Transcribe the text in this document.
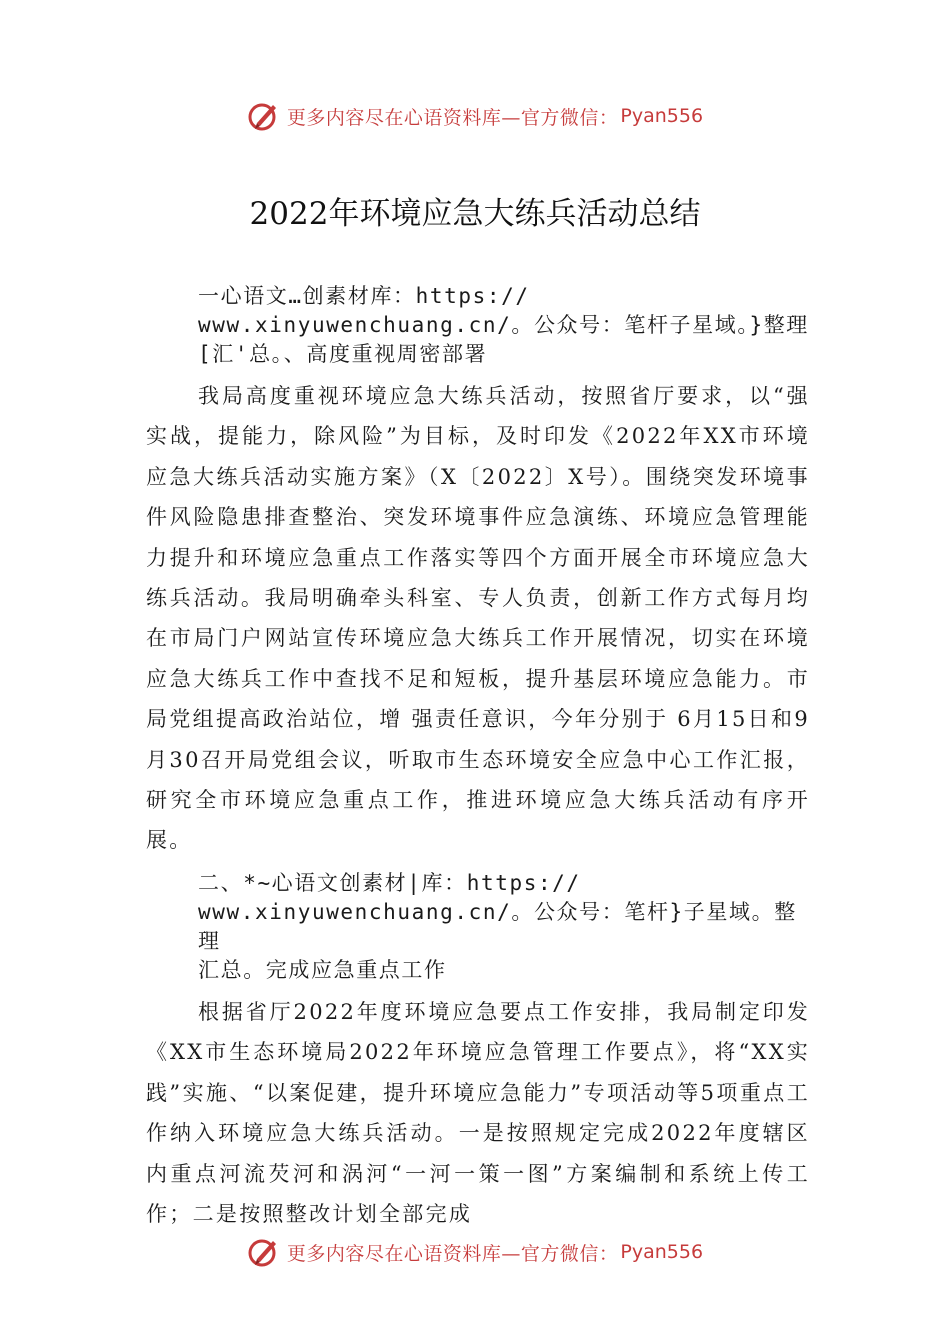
更多内容尽在心语资料库—官方微信： Pyan556
2022年环境应急大练兵活动总结
一心语文…创素材库：https://
www.xinyuwenchuang.cn/。公众号：笔杆子星域。}整理
[汇'总。、高度重视周密部署

我局高度重视环境应急大练兵活动，按照省厅要求，以“强实战，提能力，除风险”为目标，及时印发《2022年XX市环境应急大练兵活动实施方案》（X〔2022〕X号）。围绕突发环境事件风险隐患排查整治、突发环境事件应急演练、环境应急管理能力提升和环境应急重点工作落实等四个方面开展全市环境应急大练兵活动。我局明确牵头科室、专人负责，创新工作方式每月均在市局门户网站宣传环境应急大练兵工作开展情况，切实在环境应急大练兵工作中查找不足和短板，提升基层环境应急能力。市局党组提高政治站位，增 强责任意识，今年分别于 6月15日和9月30召开局党组会议，听取市生态环境安全应急中心工作汇报，研究全市环境应急重点工作，推进环境应急大练兵活动有序开展。

二、*~心语文创素材|库：https://
www.xinyuwenchuang.cn/。公众号：笔杆}子星域。整理
汇总。完成应急重点工作

根据省厅2022年度环境应急要点工作安排，我局制定印发《XX市生态环境局2022年环境应急管理工作要点》，将“XX实践”实施、“以案促建，提升环境应急能力”专项活动等5项重点工作纳入环境应急大练兵活动。一是按照规定完成2022年度辖区内重点河流芡河和涡河“一河一策一图”方案编制和系统上传工作；二是按照整改计划全部完成

更多内容尽在心语资料库—官方微信： Pyan556
